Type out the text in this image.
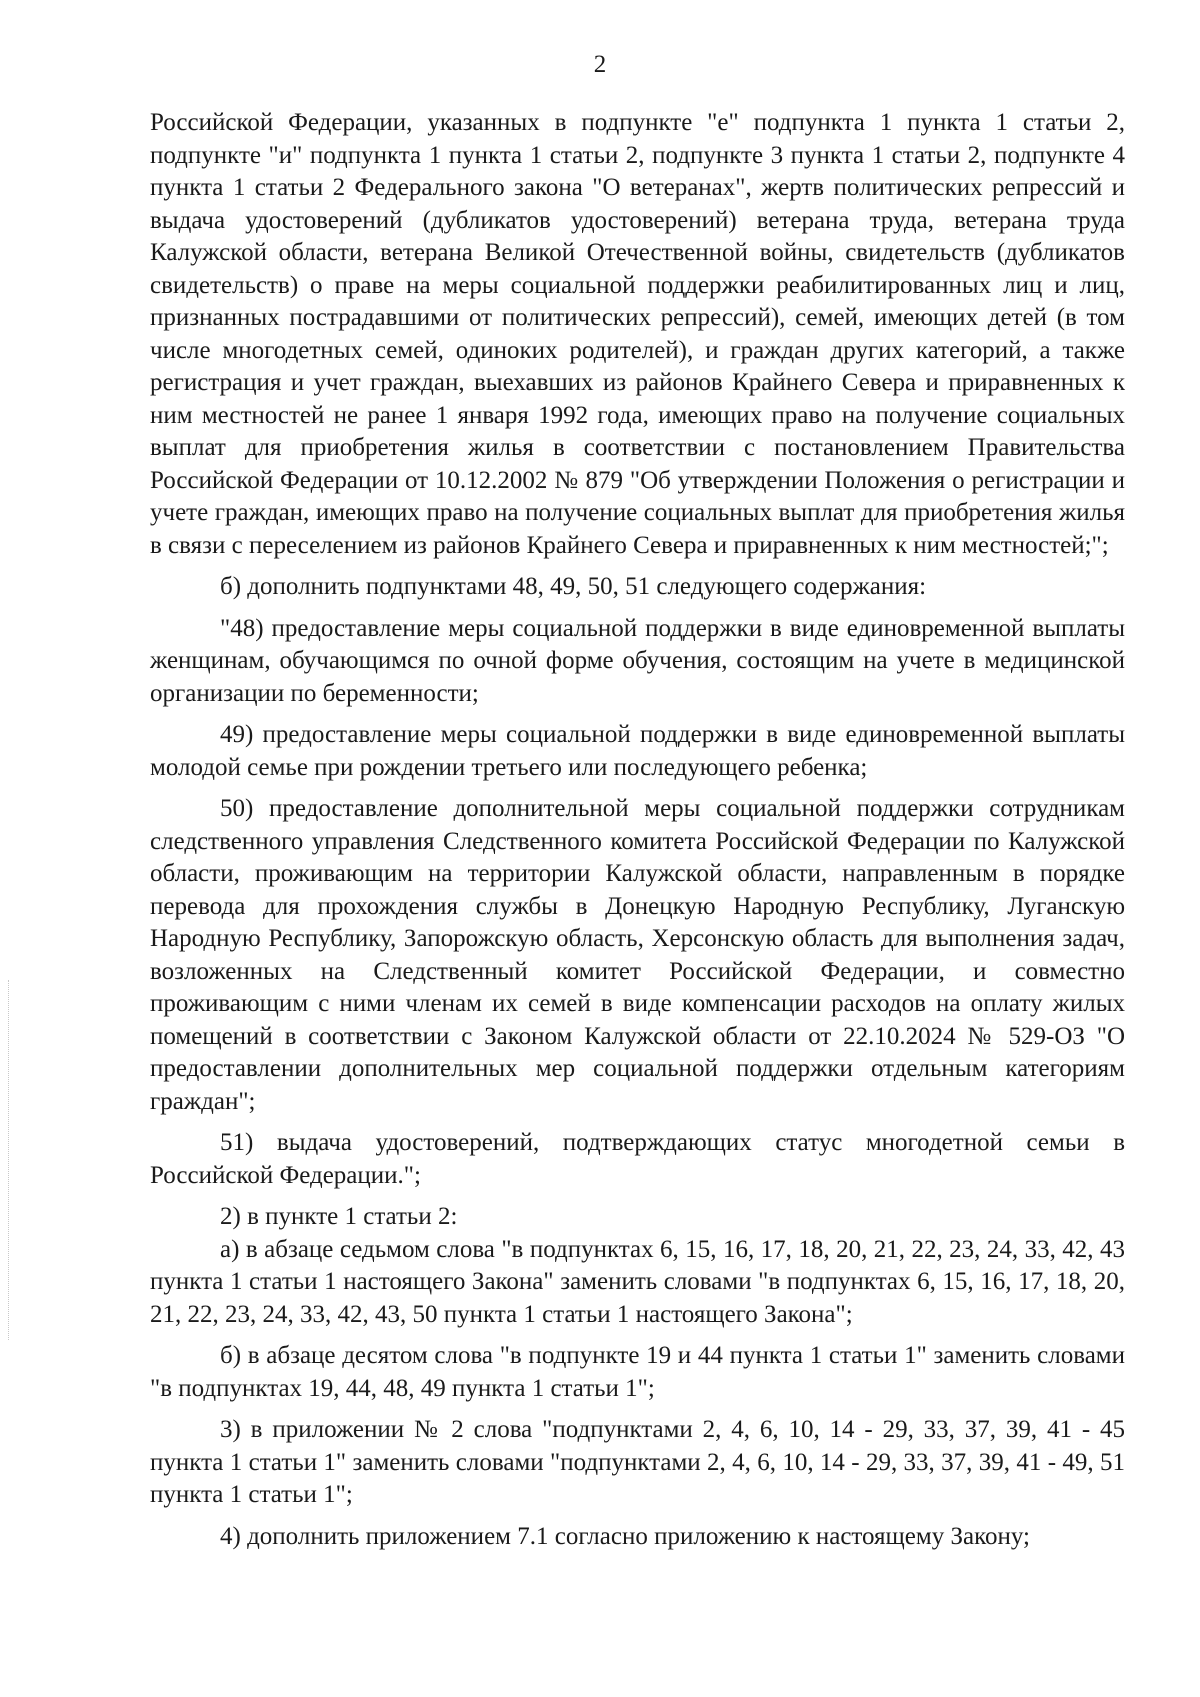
2

Российской Федерации, указанных в подпункте "е" подпункта 1 пункта 1 статьи 2, подпункте "и" подпункта 1 пункта 1 статьи 2, подпункте 3 пункта 1 статьи 2, подпункте 4 пункта 1 статьи 2 Федерального закона "О ветеранах", жертв политических репрессий и выдача удостоверений (дубликатов удостоверений) ветерана труда, ветерана труда Калужской области, ветерана Великой Отечественной войны, свидетельств (дубликатов свидетельств) о праве на меры социальной поддержки реабилитированных лиц и лиц, признанных пострадавшими от политических репрессий), семей, имеющих детей (в том числе многодетных семей, одиноких родителей), и граждан других категорий, а также регистрация и учет граждан, выехавших из районов Крайнего Севера и приравненных к ним местностей не ранее 1 января 1992 года, имеющих право на получение социальных выплат для приобретения жилья в соответствии с постановлением Правительства Российской Федерации от 10.12.2002 № 879 "Об утверждении Положения о регистрации и учете граждан, имеющих право на получение социальных выплат для приобретения жилья в связи с переселением из районов Крайнего Севера и приравненных к ним местностей;";

б) дополнить подпунктами 48, 49, 50, 51 следующего содержания:

"48) предоставление меры социальной поддержки в виде единовременной выплаты женщинам, обучающимся по очной форме обучения, состоящим на учете в медицинской организации по беременности;

49) предоставление меры социальной поддержки в виде единовременной выплаты молодой семье при рождении третьего или последующего ребенка;

50) предоставление дополнительной меры социальной поддержки сотрудникам следственного управления Следственного комитета Российской Федерации по Калужской области, проживающим на территории Калужской области, направленным в порядке перевода для прохождения службы в Донецкую Народную Республику, Луганскую Народную Республику, Запорожскую область, Херсонскую область для выполнения задач, возложенных на Следственный комитет Российской Федерации, и совместно проживающим с ними членам их семей в виде компенсации расходов на оплату жилых помещений в соответствии с Законом Калужской области от 22.10.2024 № 529-ОЗ "О предоставлении дополнительных мер социальной поддержки отдельным категориям граждан";

51) выдача удостоверений, подтверждающих статус многодетной семьи в Российской Федерации.";

2) в пункте 1 статьи 2:

а) в абзаце седьмом слова "в подпунктах 6, 15, 16, 17, 18, 20, 21, 22, 23, 24, 33, 42, 43 пункта 1 статьи 1 настоящего Закона" заменить словами "в подпунктах 6, 15, 16, 17, 18, 20, 21, 22, 23, 24, 33, 42, 43, 50 пункта 1 статьи 1 настоящего Закона";

б) в абзаце десятом слова "в подпункте 19 и 44 пункта 1 статьи 1" заменить словами "в подпунктах 19, 44, 48, 49 пункта 1 статьи 1";

3) в приложении № 2 слова "подпунктами 2, 4, 6, 10, 14 - 29, 33, 37, 39, 41 - 45 пункта 1 статьи 1" заменить словами "подпунктами 2, 4, 6, 10, 14 - 29, 33, 37, 39, 41 - 49, 51 пункта 1 статьи 1";

4) дополнить приложением 7.1 согласно приложению к настоящему Закону;
